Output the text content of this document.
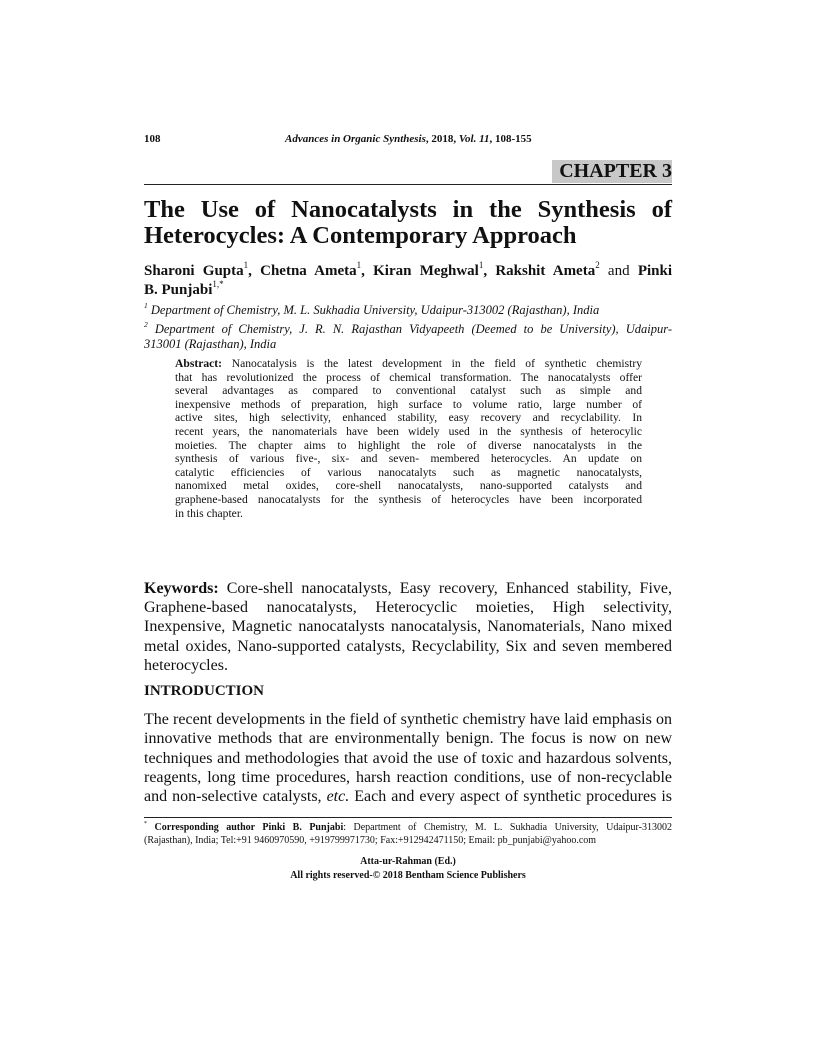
108	Advances in Organic Synthesis, 2018, Vol. 11, 108-155
CHAPTER 3
The Use of Nanocatalysts in the Synthesis of
Heterocycles: A Contemporary Approach
Sharoni Gupta$^1$, Chetna Ameta$^1$, Kiran Meghwal$^1$, Rakshit Ameta$^2$ and Pinki
B. Punjabi$^{1,*}$
$^1$ Department of Chemistry, M. L. Sukhadia University, Udaipur-313002 (Rajasthan), India
$^2$ Department of Chemistry, J. R. N. Rajasthan Vidyapeeth (Deemed to be University), Udaipur-
313001 (Rajasthan), India
Abstract: Nanocatalysis is the latest development in the field of synthetic chemistry
that has revolutionized the process of chemical transformation. The nanocatalysts offer
several advantages as compared to conventional catalyst such as simple and
inexpensive methods of preparation, high surface to volume ratio, large number of
active sites, high selectivity, enhanced stability, easy recovery and recyclability. In
recent years, the nanomaterials have been widely used in the synthesis of heterocylic
moieties. The chapter aims to highlight the role of diverse nanocatalysts in the
synthesis of various five-, six- and seven- membered heterocycles. An update on
catalytic efficiencies of various nanocatalyts such as magnetic nanocatalysts,
nanomixed metal oxides, core-shell nanocatalysts, nano-supported catalysts and
graphene-based nanocatalysts for the synthesis of heterocycles have been incorporated
in this chapter.
Keywords: Core-shell nanocatalysts, Easy recovery, Enhanced stability, Five,
Graphene-based nanocatalysts, Heterocyclic moieties, High selectivity,
Inexpensive, Magnetic nanocatalysts nanocatalysis, Nanomaterials, Nano mixed
metal oxides, Nano-supported catalysts, Recyclability, Six and seven membered
heterocycles.
INTRODUCTION
The recent developments in the field of synthetic chemistry have laid emphasis on
innovative methods that are environmentally benign. The focus is now on new
techniques and methodologies that avoid the use of toxic and hazardous solvents,
reagents, long time procedures, harsh reaction conditions, use of non-recyclable
and non-selective catalysts, etc. Each and every aspect of synthetic procedures is
* Corresponding author Pinki B. Punjabi: Department of Chemistry, M. L. Sukhadia University, Udaipur-313002
(Rajasthan), India; Tel:+91 9460970590, +919799971730; Fax:+912942471150; Email: pb_punjabi@yahoo.com
Atta-ur-Rahman (Ed.)
All rights reserved-© 2018 Bentham Science Publishers
